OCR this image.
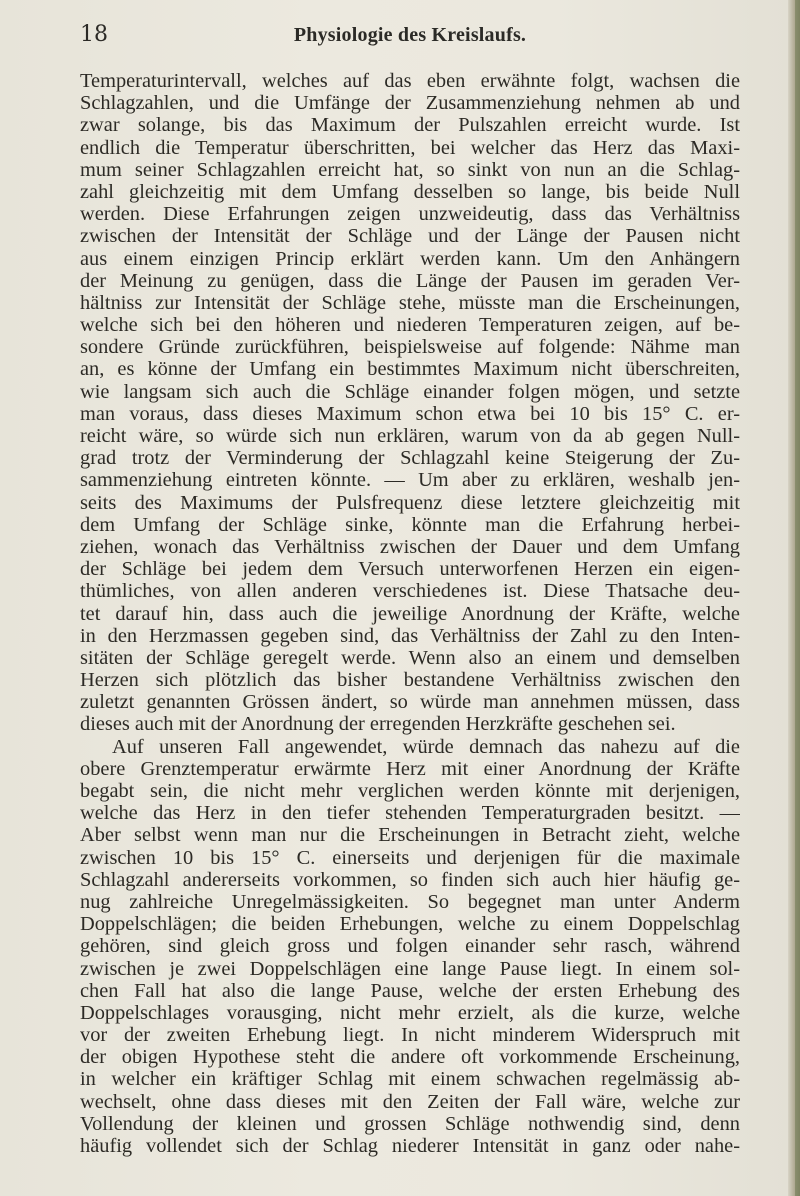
18	Physiologie des Kreislaufs.
Temperaturintervall, welches auf das eben erwähnte folgt, wachsen die
Schlagzahlen, und die Umfänge der Zusammenziehung nehmen ab und
zwar solange, bis das Maximum der Pulszahlen erreicht wurde. Ist
endlich die Temperatur überschritten, bei welcher das Herz das Maxi-
mum seiner Schlagzahlen erreicht hat, so sinkt von nun an die Schlag-
zahl gleichzeitig mit dem Umfang desselben so lange, bis beide Null
werden. Diese Erfahrungen zeigen unzweideutig, dass das Verhältniss
zwischen der Intensität der Schläge und der Länge der Pausen nicht
aus einem einzigen Princip erklärt werden kann. Um den Anhängern
der Meinung zu genügen, dass die Länge der Pausen im geraden Ver-
hältniss zur Intensität der Schläge stehe, müsste man die Erscheinungen,
welche sich bei den höheren und niederen Temperaturen zeigen, auf be-
sondere Gründe zurückführen, beispielsweise auf folgende: Nähme man
an, es könne der Umfang ein bestimmtes Maximum nicht überschreiten,
wie langsam sich auch die Schläge einander folgen mögen, und setzte
man voraus, dass dieses Maximum schon etwa bei 10 bis 15° C. er-
reicht wäre, so würde sich nun erklären, warum von da ab gegen Null-
grad trotz der Verminderung der Schlagzahl keine Steigerung der Zu-
sammenziehung eintreten könnte. — Um aber zu erklären, weshalb jen-
seits des Maximums der Pulsfrequenz diese letztere gleichzeitig mit
dem Umfang der Schläge sinke, könnte man die Erfahrung herbei-
ziehen, wonach das Verhältniss zwischen der Dauer und dem Umfang
der Schläge bei jedem dem Versuch unterworfenen Herzen ein eigen-
thümliches, von allen anderen verschiedenes ist. Diese Thatsache deu-
tet darauf hin, dass auch die jeweilige Anordnung der Kräfte, welche
in den Herzmassen gegeben sind, das Verhältniss der Zahl zu den Inten-
sitäten der Schläge geregelt werde. Wenn also an einem und demselben
Herzen sich plötzlich das bisher bestandene Verhältniss zwischen den
zuletzt genannten Grössen ändert, so würde man annehmen müssen, dass
dieses auch mit der Anordnung der erregenden Herzkräfte geschehen sei.
Auf unseren Fall angewendet, würde demnach das nahezu auf die
obere Grenztemperatur erwärmte Herz mit einer Anordnung der Kräfte
begabt sein, die nicht mehr verglichen werden könnte mit derjenigen,
welche das Herz in den tiefer stehenden Temperaturgraden besitzt. —
Aber selbst wenn man nur die Erscheinungen in Betracht zieht, welche
zwischen 10 bis 15° C. einerseits und derjenigen für die maximale
Schlagzahl andererseits vorkommen, so finden sich auch hier häufig ge-
nug zahlreiche Unregelmässigkeiten. So begegnet man unter Anderm
Doppelschlägen; die beiden Erhebungen, welche zu einem Doppelschlag
gehören, sind gleich gross und folgen einander sehr rasch, während
zwischen je zwei Doppelschlägen eine lange Pause liegt. In einem sol-
chen Fall hat also die lange Pause, welche der ersten Erhebung des
Doppelschlages vorausging, nicht mehr erzielt, als die kurze, welche
vor der zweiten Erhebung liegt. In nicht minderem Widerspruch mit
der obigen Hypothese steht die andere oft vorkommende Erscheinung,
in welcher ein kräftiger Schlag mit einem schwachen regelmässig ab-
wechselt, ohne dass dieses mit den Zeiten der Fall wäre, welche zur
Vollendung der kleinen und grossen Schläge nothwendig sind, denn
häufig vollendet sich der Schlag niederer Intensität in ganz oder nahe-
